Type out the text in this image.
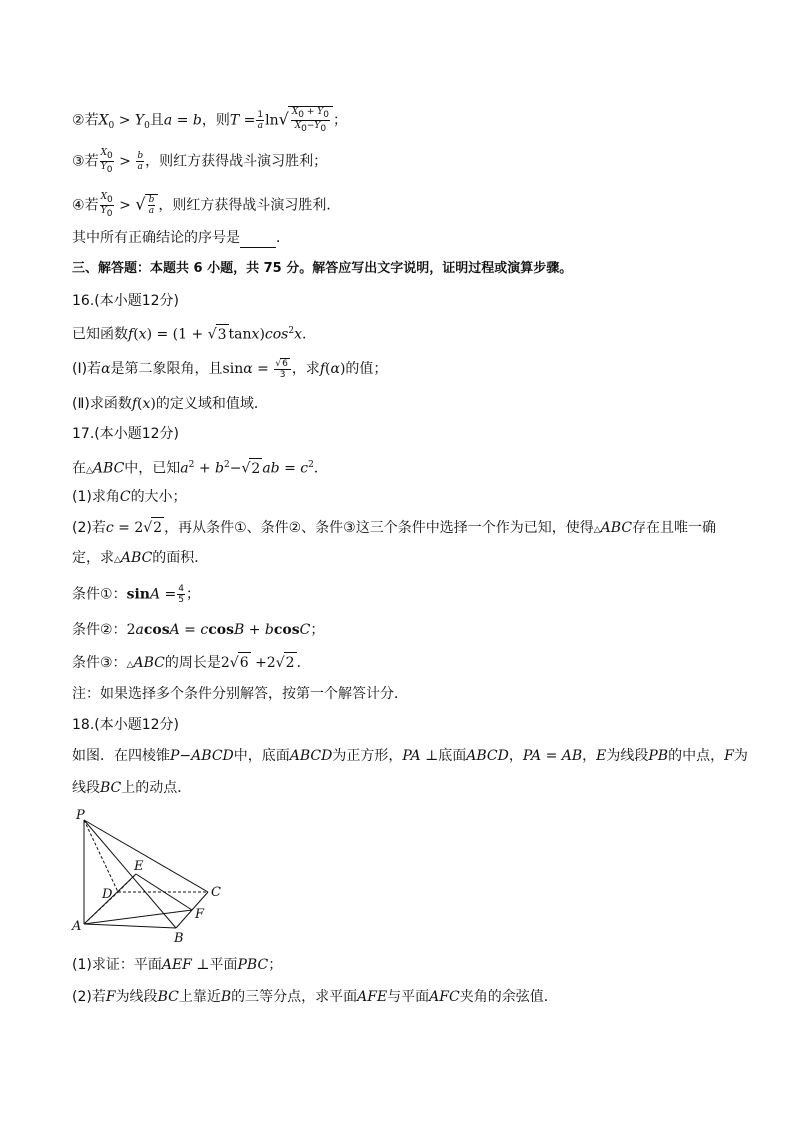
②若$X_0 > Y_0$且a = b，则$T = \frac{1}{a} \ln√ \frac{X_0 + Y_0}{X_0-Y_0}$ ；
③若 $\frac{X_0}{Y_0} > \frac{b}{a}$ ，则红方获得战斗演习胜利；
④若 $\frac{X_0}{Y_0}$ > √ $\frac{b}{a}$ ，则红方获得战斗演习胜利．
其中所有正确结论的序号是	．
三、解答题：本题共 6 小题，共 75 分。解答应写出文字说明，证明过程或演算步骤。
16.(本小题12分)
已知函数f(x) = (1 + √3 $\tan x)\cos^2x$．
(Ⅰ)若α是第二象限角，且$\sin\alpha = \frac{√6}{3}$ ，求f(α)的值；
(Ⅱ)求函数f(x)的定义域和值域．
17.(本小题12分)
在△ABC中，已知$a^2 + b^2-√2$ ab = $c^2$．
(1)求角C的大小；
(2)若c = 2√2 ，再从条件①、条件②、条件③这三个条件中选择一个作为已知，使得△ABC存在且唯一确
定，求△ABC的面积．
条件①：$\sin A = \frac{4}{5}$ ；
条件②：2acosA = ccosB + bcosC；
条件③：△ABC的周长是2√6 +2√2 ．
注：如果选择多个条件分别解答，按第一个解答计分．
18.(本小题12分)
如图．在四棱锥P−ABCD中，底面ABCD为正方形，PA ⊥底面ABCD，PA = AB，E为线段PB的中点，F为
线段BC上的动点．
P
A
B
C
D
E
F
(1)求证：平面AEF ⊥平面PBC；
(2)若F为线段BC上靠近B的三等分点，求平面AFE与平面AFC夹角的余弦值．
